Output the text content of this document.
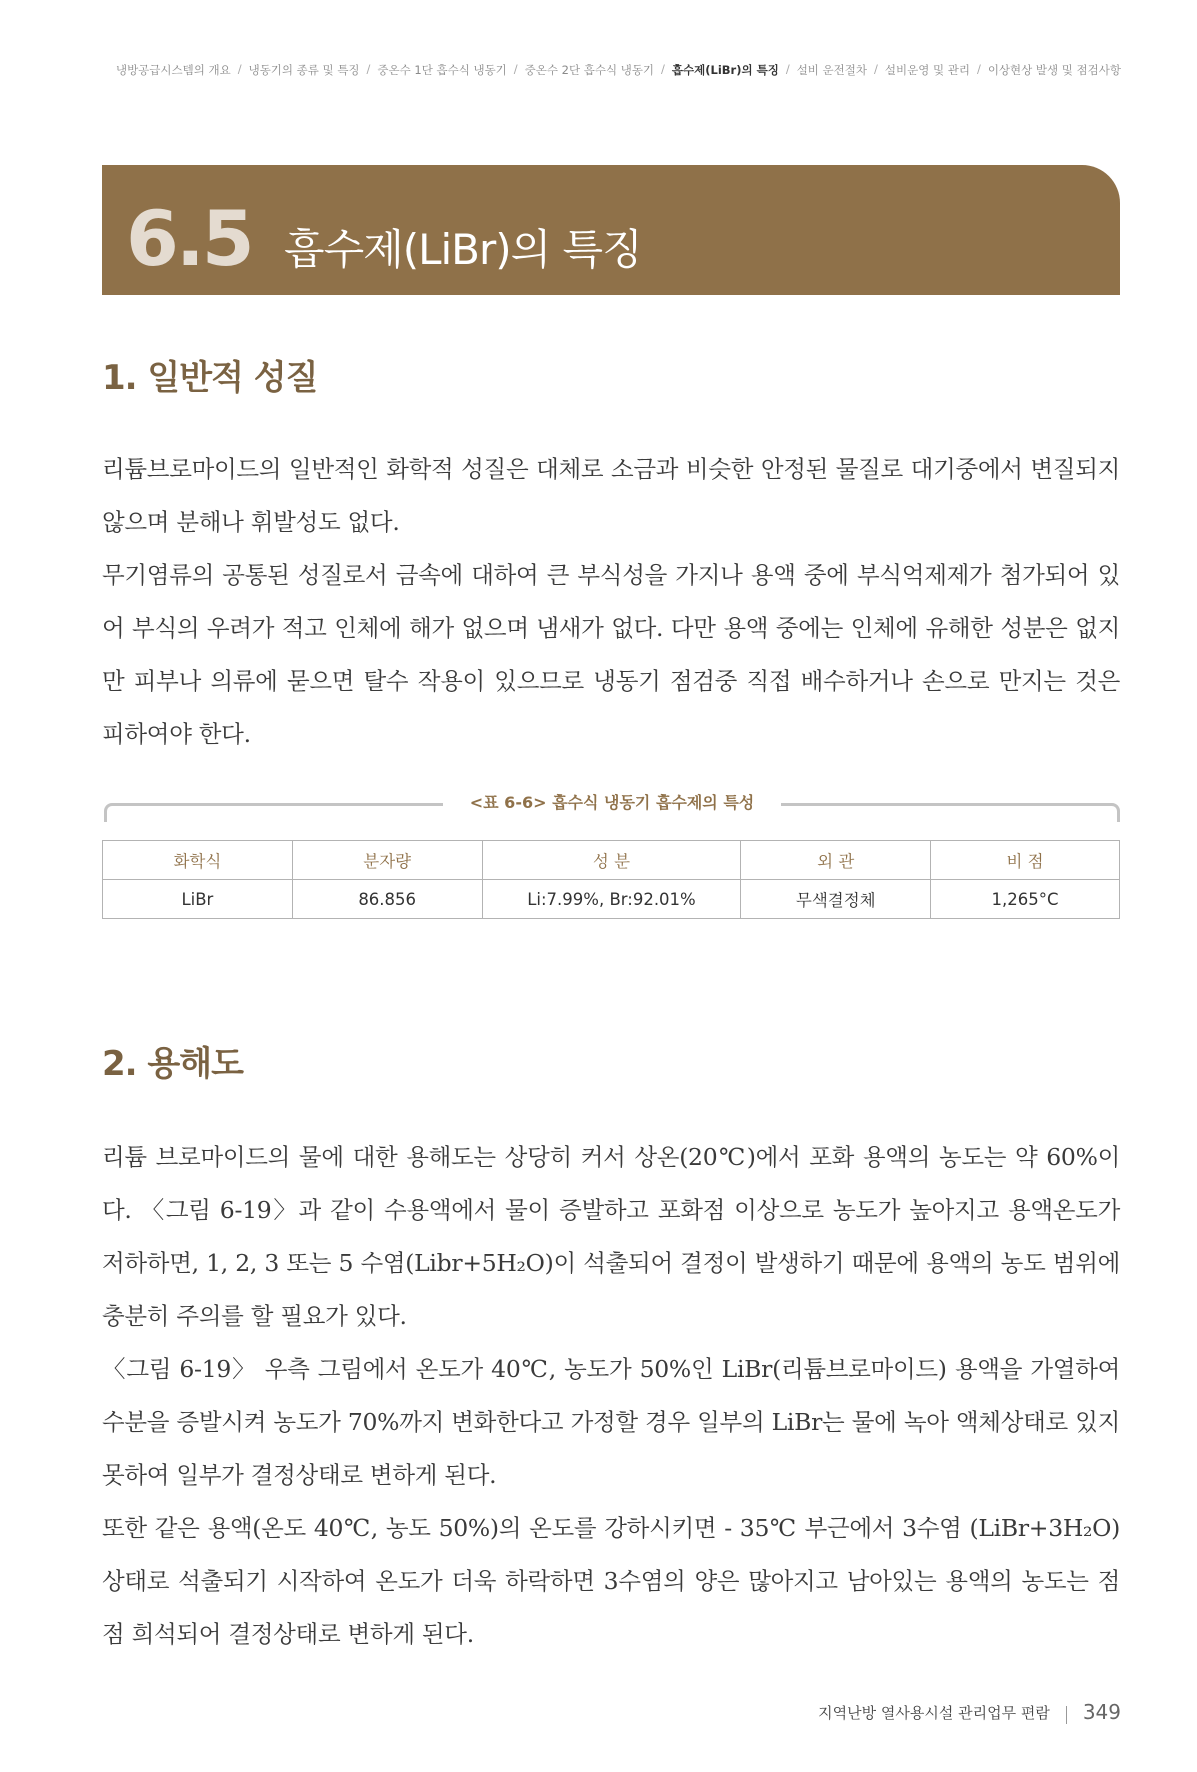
냉방공급시스템의 개요 / 냉동기의 종류 및 특징 / 중온수 1단 흡수식 냉동기 / 중온수 2단 흡수식 냉동기 / 흡수제(LiBr)의 특징 / 설비 운전절차 / 설비운영 및 관리 / 이상현상 발생 및 점검사항
6.5 흡수제(LiBr)의 특징
1. 일반적 성질

리튬브로마이드의 일반적인 화학적 성질은 대체로 소금과 비슷한 안정된 물질로 대기중에서 변질되지 않으며 분해나 휘발성도 없다.

무기염류의 공통된 성질로서 금속에 대하여 큰 부식성을 가지나 용액 중에 부식억제제가 첨가되어 있어 부식의 우려가 적고 인체에 해가 없으며 냄새가 없다. 다만 용액 중에는 인체에 유해한 성분은 없지만 피부나 의류에 묻으면 탈수 작용이 있으므로 냉동기 점검중 직접 배수하거나 손으로 만지는 것은 피하여야 한다.

<표 6-6> 흡수식 냉동기 흡수제의 특성
화학식	분자량	성 분	외 관	비 점
LiBr	86.856	Li:7.99%, Br:92.01%	무색결정체	1,265°C
2. 용해도

리튬 브로마이드의 물에 대한 용해도는 상당히 커서 상온(20℃)에서 포화 용액의 농도는 약 60%이다. 〈그림 6-19〉과 같이 수용액에서 물이 증발하고 포화점 이상으로 농도가 높아지고 용액온도가 저하하면, 1, 2, 3 또는 5 수염(Libr+5H₂O)이 석출되어 결정이 발생하기 때문에 용액의 농도 범위에 충분히 주의를 할 필요가 있다.

〈그림 6-19〉 우측 그림에서 온도가 40℃, 농도가 50%인 LiBr(리튬브로마이드) 용액을 가열하여 수분을 증발시켜 농도가 70%까지 변화한다고 가정할 경우 일부의 LiBr는 물에 녹아 액체상태로 있지 못하여 일부가 결정상태로 변하게 된다.

또한 같은 용액(온도 40℃, 농도 50%)의 온도를 강하시키면 - 35℃ 부근에서 3수염 (LiBr+3H₂O) 상태로 석출되기 시작하여 온도가 더욱 하락하면 3수염의 양은 많아지고 남아있는 용액의 농도는 점점 희석되어 결정상태로 변하게 된다.

지역난방 열사용시설 관리업무 편람 349
